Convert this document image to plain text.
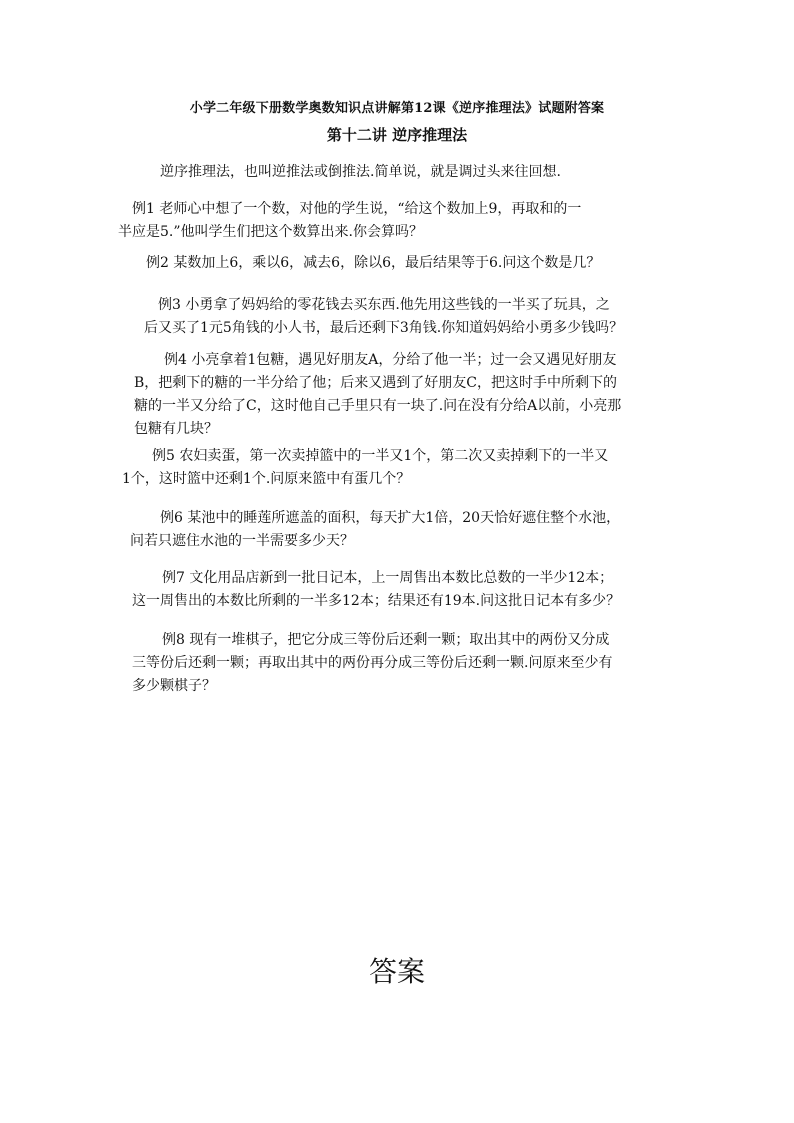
小学二年级下册数学奥数知识点讲解第12课《逆序推理法》试题附答案
第十二讲 逆序推理法
逆序推理法，也叫逆推法或倒推法.简单说，就是调过头来往回想.
例1 老师心中想了一个数，对他的学生说，“给这个数加上9，再取和的一
半应是5.”他叫学生们把这个数算出来.你会算吗？
例2 某数加上6，乘以6，减去6，除以6，最后结果等于6.问这个数是几？
例3 小勇拿了妈妈给的零花钱去买东西.他先用这些钱的一半买了玩具，之
后又买了1元5角钱的小人书，最后还剩下3角钱.你知道妈妈给小勇多少钱吗？
例4 小亮拿着1包糖，遇见好朋友A，分给了他一半；过一会又遇见好朋友
B，把剩下的糖的一半分给了他；后来又遇到了好朋友C，把这时手中所剩下的
糖的一半又分给了C，这时他自己手里只有一块了.问在没有分给A以前，小亮那
包糖有几块？
例5 农妇卖蛋，第一次卖掉篮中的一半又1个，第二次又卖掉剩下的一半又
1个，这时篮中还剩1个.问原来篮中有蛋几个？
例6 某池中的睡莲所遮盖的面积，每天扩大1倍，20天恰好遮住整个水池，
问若只遮住水池的一半需要多少天？
例7 文化用品店新到一批日记本，上一周售出本数比总数的一半少12本；
这一周售出的本数比所剩的一半多12本；结果还有19本.问这批日记本有多少？
例8 现有一堆棋子，把它分成三等份后还剩一颗；取出其中的两份又分成
三等份后还剩一颗；再取出其中的两份再分成三等份后还剩一颗.问原来至少有
多少颗棋子？
答案
